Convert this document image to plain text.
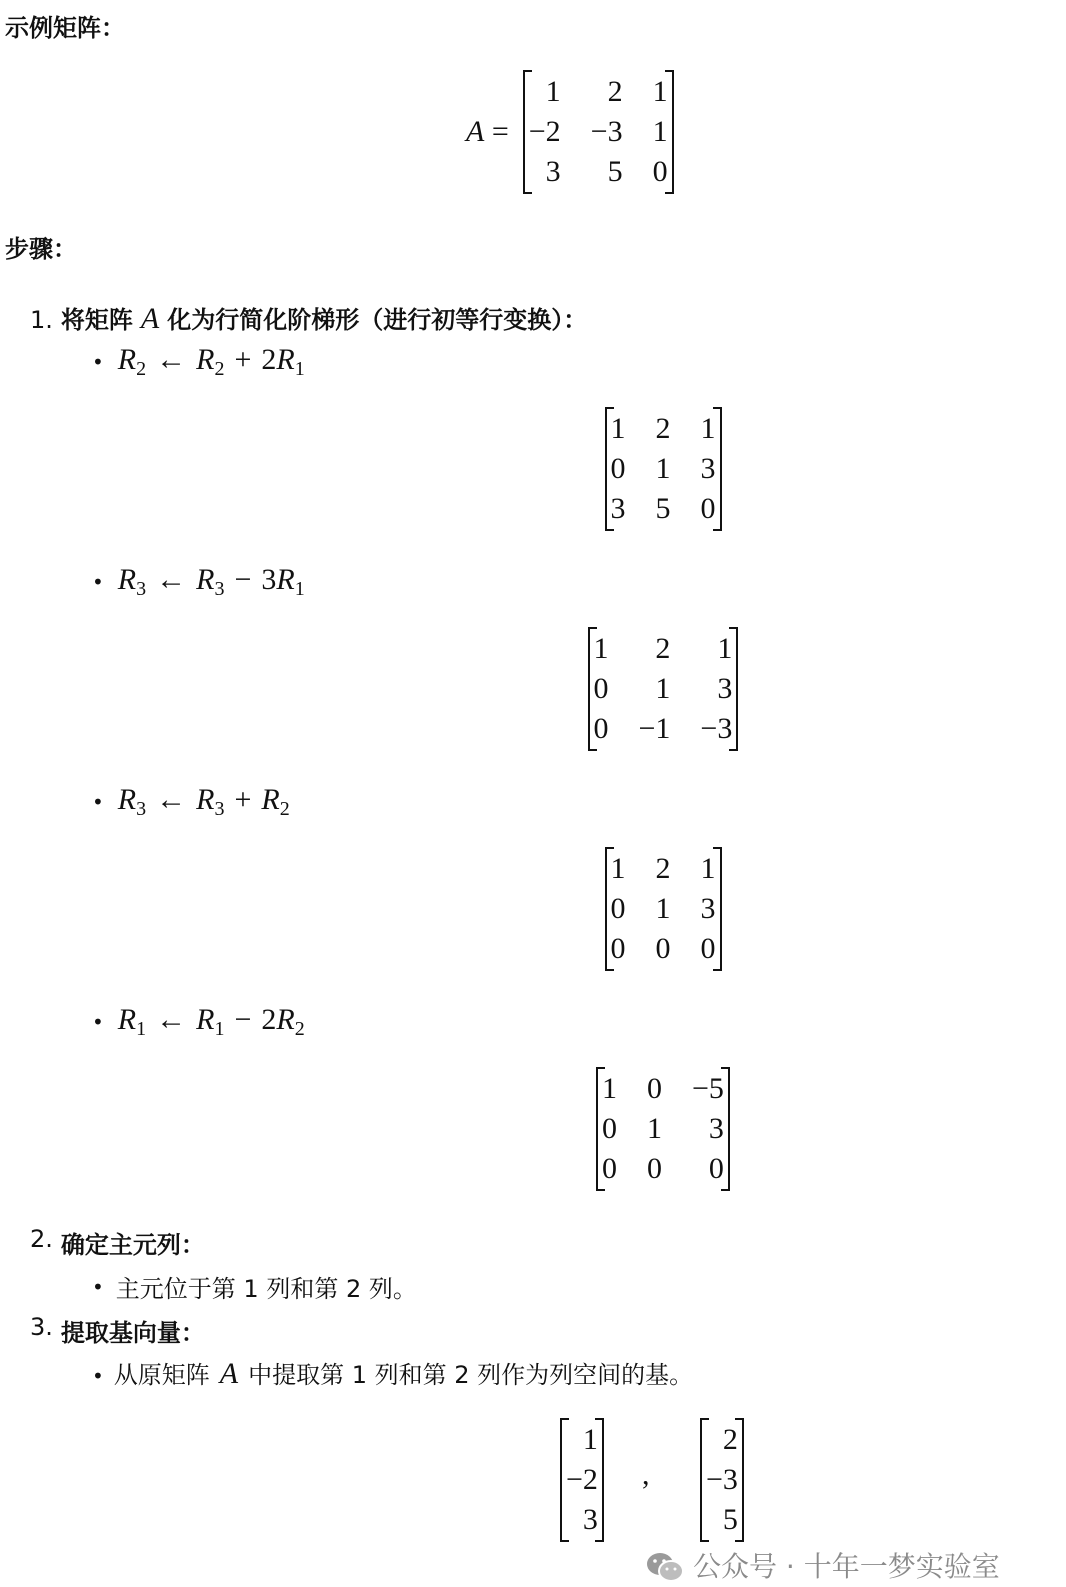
示例矩阵：
A =
1	2 1
−2 −3 1
3	5 0
步骤：
1. 将矩阵 A 化为行简化阶梯形（进行初等行变换）：
• $R_2$ ← $R_2 + 2R_1$
1 2 1
0 1 3
3 5 0
• $R_3$ ← $R_3 - 3R_1$
1	2	1
0	1	3
0 −1 −3
• $R_3$ ← $R_3 + R_2$
1 2 1
0 1 3
0 0 0
• $R_1$ ← $R_1 - 2R_2$
1 0 −5
0 1	3
0 0	0
2. 确定主元列：
• 主元位于第 1 列和第 2 列。
3. 提取基向量：
• 从原矩阵 A 中提取第 1 列和第 2 列作为列空间的基。
1
−2
3
,
2
−3
5
公众号 · 十年一梦实验室
